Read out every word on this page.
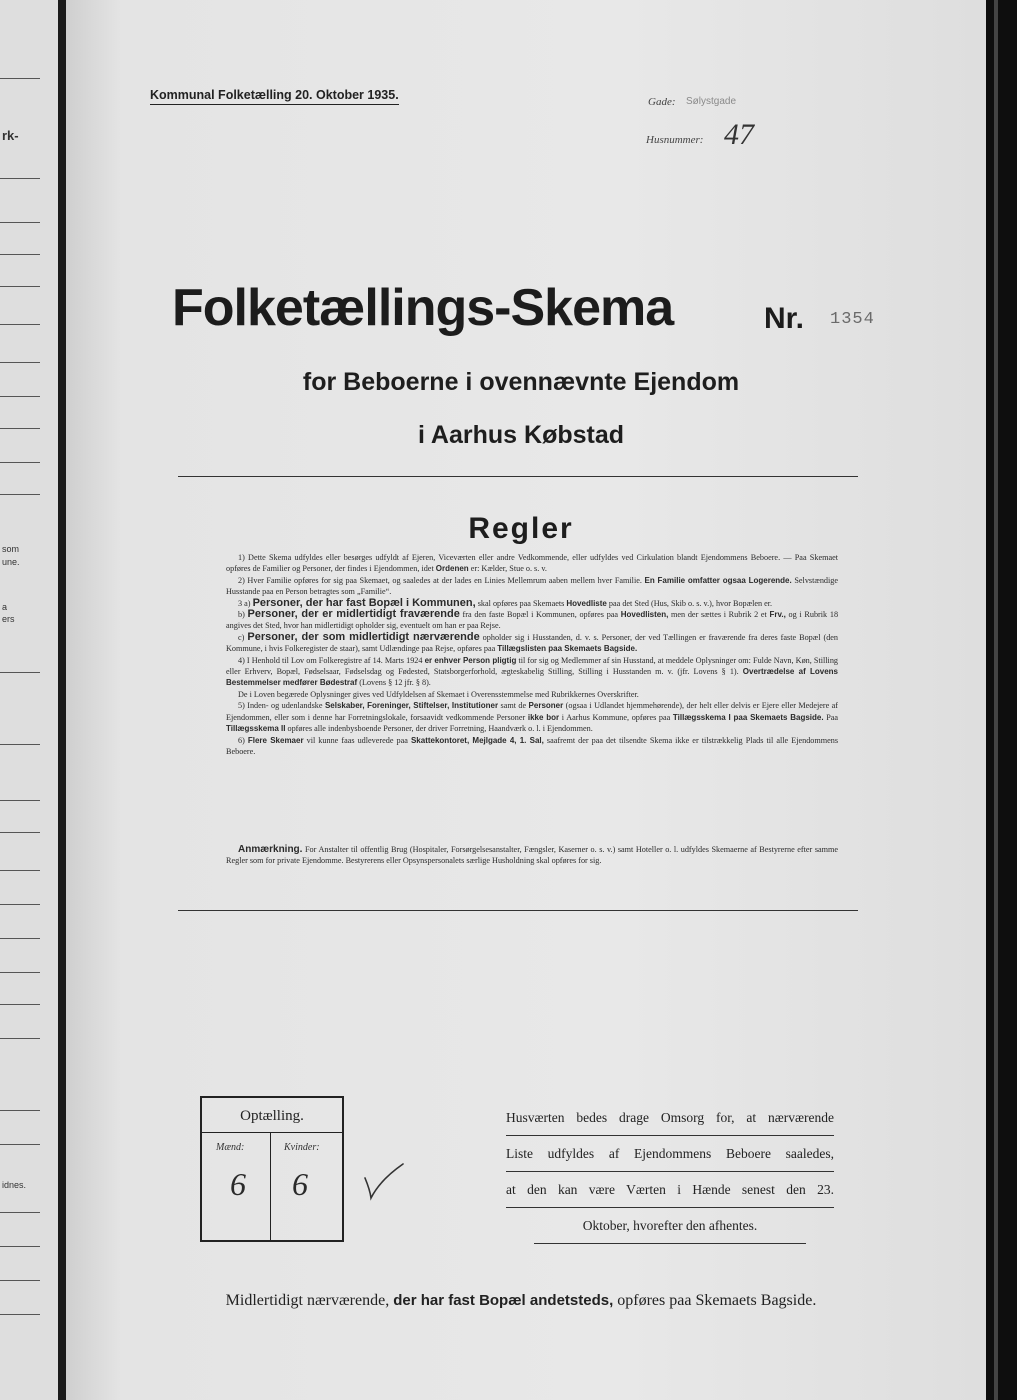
rk-
som
une.
a
ers
idnes.
Kommunal Folketælling 20. Oktober 1935.	Gade: Sølystgade
Husnummer: 47
Folketællings-Skema	Nr. 1354
for Beboerne i ovennævnte Ejendom
i Aarhus Købstad
Regler

1) Dette Skema udfyldes eller besørges udfyldt af Ejeren, Viceværten eller andre Vedkommende, eller udfyldes ved Cirkulation blandt Ejendommens Beboere. — Paa Skemaet opføres de Familier og Personer, der findes i Ejendommen, idet Ordenen er: Kælder, Stue o. s. v.

2) Hver Familie opføres for sig paa Skemaet, og saaledes at der lades en Linies Mellemrum aaben mellem hver Familie. En Familie omfatter ogsaa Logerende. Selvstændige Husstande paa en Person betragtes som „Familie“.

3 a) Personer, der har fast Bopæl i Kommunen, skal opføres paa Skemaets Hovedliste paa det Sted (Hus, Skib o. s. v.), hvor Bopælen er.

b) Personer, der er midlertidigt fraværende fra den faste Bopæl i Kommunen, opføres paa Hovedlisten, men der sættes i Rubrik 2 et Frv., og i Rubrik 18 angives det Sted, hvor han midlertidigt opholder sig, eventuelt om han er paa Rejse.

c) Personer, der som midlertidigt nærværende opholder sig i Husstanden, d. v. s. Personer, der ved Tællingen er fraværende fra deres faste Bopæl (den Kommune, i hvis Folkeregister de staar), samt Udlændinge paa Rejse, opføres paa Tillægslisten paa Skemaets Bagside.

4) I Henhold til Lov om Folkeregistre af 14. Marts 1924 er enhver Person pligtig til for sig og Medlemmer af sin Husstand, at meddele Oplysninger om: Fulde Navn, Køn, Stilling eller Erhverv, Bopæl, Fødselsaar, Fødselsdag og Fødested, Statsborgerforhold, ægteskabelig Stilling, Stilling i Husstanden m. v. (jfr. Lovens § 1). Overtrædelse af Lovens Bestemmelser medfører Bødestraf (Lovens § 12 jfr. § 8).

De i Loven begærede Oplysninger gives ved Udfyldelsen af Skemaet i Overensstemmelse med Rubrikkernes Overskrifter.

5) Inden- og udenlandske Selskaber, Foreninger, Stiftelser, Institutioner samt de Personer (ogsaa i Udlandet hjemmehørende), der helt eller delvis er Ejere eller Medejere af Ejendommen, eller som i denne har Forretningslokale, forsaavidt vedkommende Personer ikke bor i Aarhus Kommune, opføres paa Tillægsskema I paa Skemaets Bagside. Paa Tillægsskema II opføres alle indenbysboende Personer, der driver Forretning, Haandværk o. l. i Ejendommen.

6) Flere Skemaer vil kunne faas udleverede paa Skattekontoret, Mejlgade 4, 1. Sal, saafremt der paa det tilsendte Skema ikke er tilstrækkelig Plads til alle Ejendommens Beboere.

Anmærkning. For Anstalter til offentlig Brug (Hospitaler, Forsørgelsesanstalter, Fængsler, Kaserner o. s. v.) samt Hoteller o. l. udfyldes Skemaerne af Bestyrerne efter samme Regler som for private Ejendomme. Bestyrerens eller Opsynspersonalets særlige Husholdning skal opføres for sig.
Optælling.
Mænd:	Kvinder:
6 6
Husværten bedes drage Omsorg for, at nærværende
Liste udfyldes af Ejendommens Beboere saaledes,
at den kan være Værten i Hænde senest den 23.
Oktober, hvorefter den afhentes.
Midlertidigt nærværende, der har fast Bopæl andetsteds, opføres paa Skemaets Bagside.
